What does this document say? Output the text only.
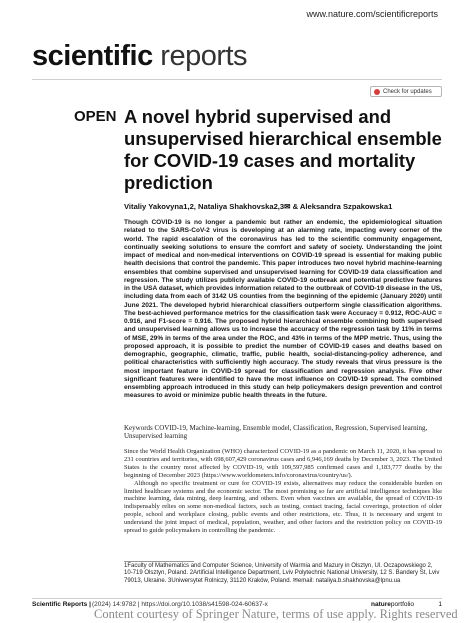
www.nature.com/scientificreports
scientific reports
Check for updates
OPEN A novel hybrid supervised and unsupervised hierarchical ensemble for COVID-19 cases and mortality prediction
Vitaliy Yakovyna1,2, Nataliya Shakhovska2,3✉ & Aleksandra Szpakowska1
Though COVID-19 is no longer a pandemic but rather an endemic, the epidemiological situation related to the SARS-CoV-2 virus is developing at an alarming rate, impacting every corner of the world. The rapid escalation of the coronavirus has led to the scientific community engagement, continually seeking solutions to ensure the comfort and safety of society. Understanding the joint impact of medical and non-medical interventions on COVID-19 spread is essential for making public health decisions that control the pandemic. This paper introduces two novel hybrid machine-learning ensembles that combine supervised and unsupervised learning for COVID-19 data classification and regression. The study utilizes publicly available COVID-19 outbreak and potential predictive features in the USA dataset, which provides information related to the outbreak of COVID-19 disease in the US, including data from each of 3142 US counties from the beginning of the epidemic (January 2020) until June 2021. The developed hybrid hierarchical classifiers outperform single classification algorithms. The best-achieved performance metrics for the classification task were Accuracy = 0.912, ROC-AUC = 0.916, and F1-score = 0.916. The proposed hybrid hierarchical ensemble combining both supervised and unsupervised learning allows us to increase the accuracy of the regression task by 11% in terms of MSE, 29% in terms of the area under the ROC, and 43% in terms of the MPP metric. Thus, using the proposed approach, it is possible to predict the number of COVID-19 cases and deaths based on demographic, geographic, climatic, traffic, public health, social-distancing-policy adherence, and political characteristics with sufficiently high accuracy. The study reveals that virus pressure is the most important feature in COVID-19 spread for classification and regression analysis. Five other significant features were identified to have the most influence on COVID-19 spread. The combined ensembling approach introduced in this study can help policymakers design prevention and control measures to avoid or minimize public health threats in the future.
Keywords COVID-19, Machine-learning, Ensemble model, Classification, Regression, Supervised learning, Unsupervised learning

Since the World Health Organization (WHO) characterized COVID-19 as a pandemic on March 11, 2020, it has spread to 231 countries and territories, with 698,607,429 coronavirus cases and 6,946,169 deaths by December 3, 2023. The United States is the country most affected by COVID-19, with 109,597,985 confirmed cases and 1,183,777 deaths by the beginning of December 2023 (https://www.worldometers.info/coronavirus/country/us/).

Although no specific treatment or cure for COVID-19 exists, alternatives may reduce the considerable burden on limited healthcare systems and the economic sector. The most promising so far are artificial intelligence techniques like machine learning, data mining, deep learning, and others. Even when vaccines are available, the spread of COVID-19 indispensably relies on some non-medical factors, such as testing, contact tracing, facial coverings, protection of older people, school and workplace closing, public events and other restrictions, etc. Thus, it is necessary and urgent to understand the joint impact of medical, population, weather, and other factors and the restriction policy on COVID-19 spread to guide policymakers in controlling the pandemic.

1Faculty of Mathematics and Computer Science, University of Warmia and Mazury in Olsztyn, Ul. Oczapowskiego 2, 10-719 Olsztyn, Poland. 2Artificial Intelligence Department, Lviv Polytechnic National University, 12 S. Bandery St, Lviv 79013, Ukraine. 3Uniwersytet Rolniczy, 31120 Kraków, Poland. ✉email: nataliya.b.shakhovska@lpnu.ua
Scientific Reports | (2024) 14:9782 | https://doi.org/10.1038/s41598-024-60637-x	natureportfolio	1
Content courtesy of Springer Nature, terms of use apply. Rights reserved
